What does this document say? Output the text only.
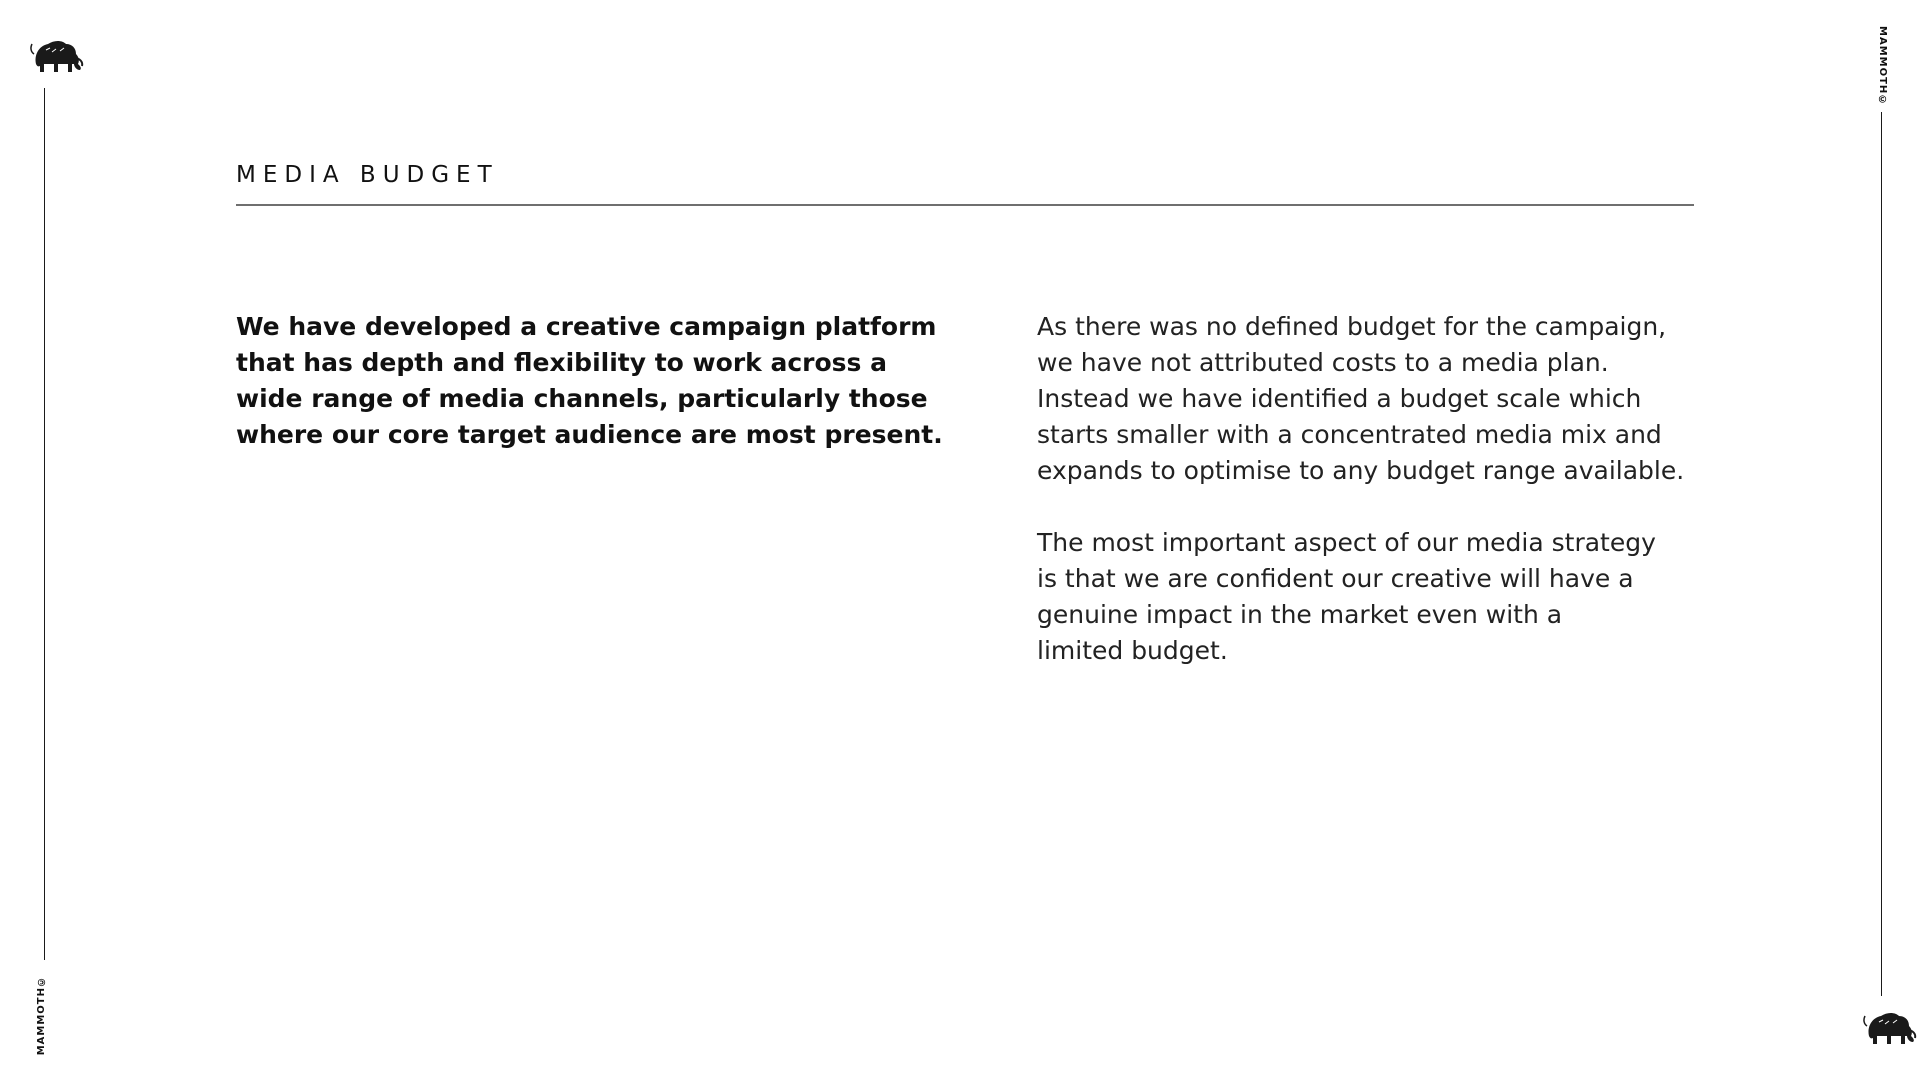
MAMMOTH©
MAMMOTH©
MEDIA BUDGET
We have developed a creative campaign platform
that has depth and flexibility to work across a
wide range of media channels, particularly those
where our core target audience are most present.

As there was no defined budget for the campaign,
we have not attributed costs to a media plan.
Instead we have identified a budget scale which
starts smaller with a concentrated media mix and
expands to optimise to any budget range available.

The most important aspect of our media strategy
is that we are confident our creative will have a
genuine impact in the market even with a
limited budget.
